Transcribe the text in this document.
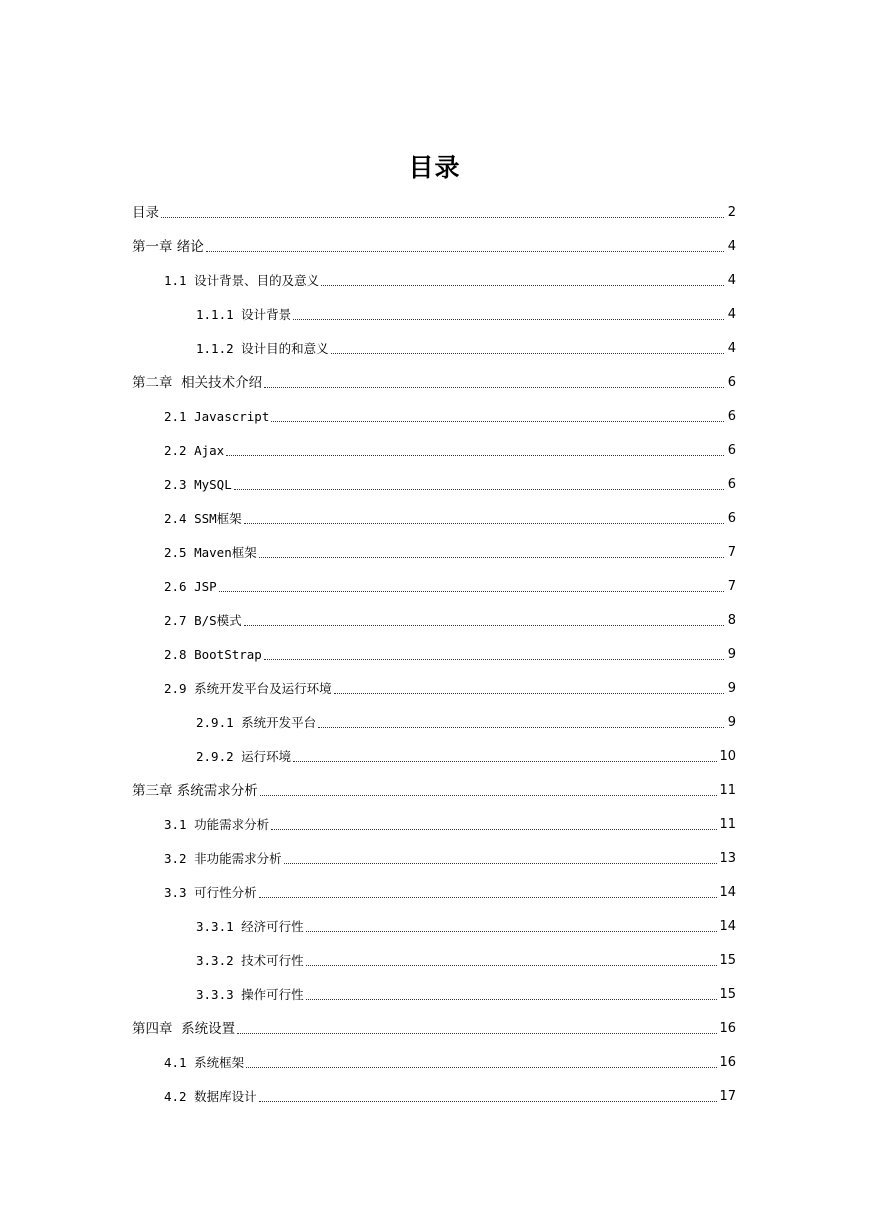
目录
目录	2
第一章 绪论	4
1.1 设计背景、目的及意义	4
1.1.1 设计背景	4
1.1.2 设计目的和意义	4
第二章  相关技术介绍	6
2.1 Javascript	6
2.2 Ajax	6
2.3 MySQL	6
2.4 SSM框架	6
2.5 Maven框架	7
2.6 JSP	7
2.7 B/S模式	8
2.8 BootStrap	9
2.9 系统开发平台及运行环境	9
2.9.1 系统开发平台	9
2.9.2 运行环境	10
第三章 系统需求分析	11
3.1 功能需求分析	11
3.2 非功能需求分析	13
3.3 可行性分析	14
3.3.1 经济可行性	14
3.3.2 技术可行性	15
3.3.3 操作可行性	15
第四章  系统设置	16
4.1 系统框架	16
4.2 数据库设计	17
